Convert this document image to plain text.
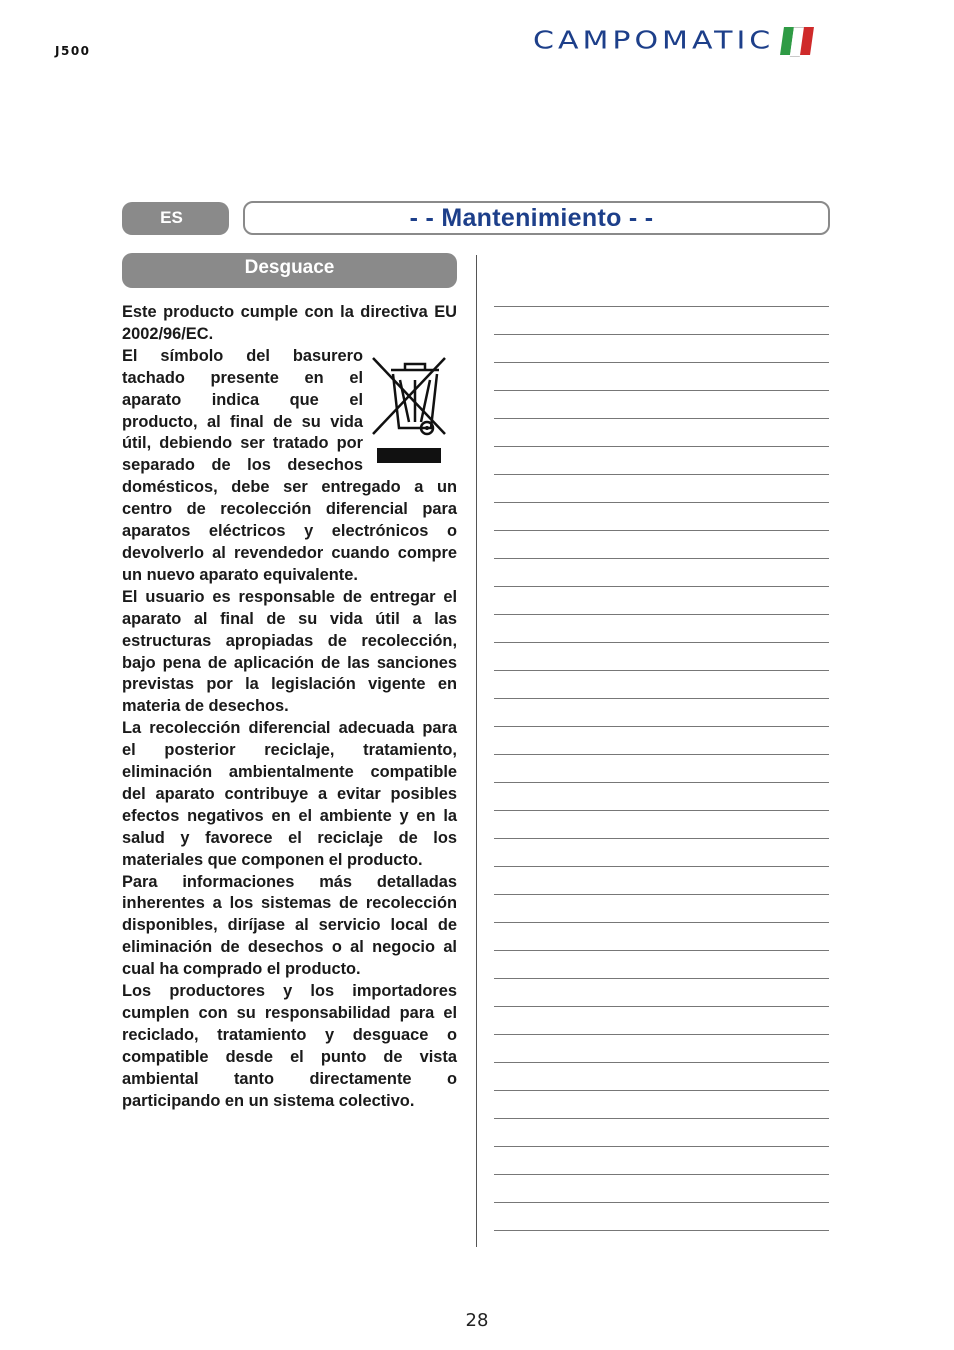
J500	CAMPOMATIC
ES	- - Mantenimiento - -
Desguace

Este producto cumple con la directiva EU 2002/96/EC.

El símbolo del basurero tachado presente en el aparato indica que el producto, al final de su vida útil, debiendo ser tratado por separado de los desechos domésticos, debe ser entregado a un centro de recolección diferencial para aparatos eléctricos y electrónicos o devolverlo al revendedor cuando compre un nuevo aparato equivalente.

El usuario es responsable de entregar el aparato al final de su vida útil a las estructuras apropiadas de recolección, bajo pena de aplicación de las sanciones previstas por la legislación vigente en materia de desechos.

La recolección diferencial adecuada para el posterior reciclaje, tratamiento, eliminación ambientalmente compatible del aparato contribuye a evitar posibles efectos negativos en el ambiente y en la salud y favorece el reciclaje de los materiales que componen el producto.

Para informaciones más detalladas inherentes a los sistemas de recolección disponibles, diríjase al servicio local de eliminación de desechos o al negocio al cual ha comprado el producto.

Los productores y los importadores cumplen con su responsabilidad para el reciclado, tratamiento y desguace o compatible desde el punto de vista ambiental tanto directamente o participando en un sistema colectivo.

28
